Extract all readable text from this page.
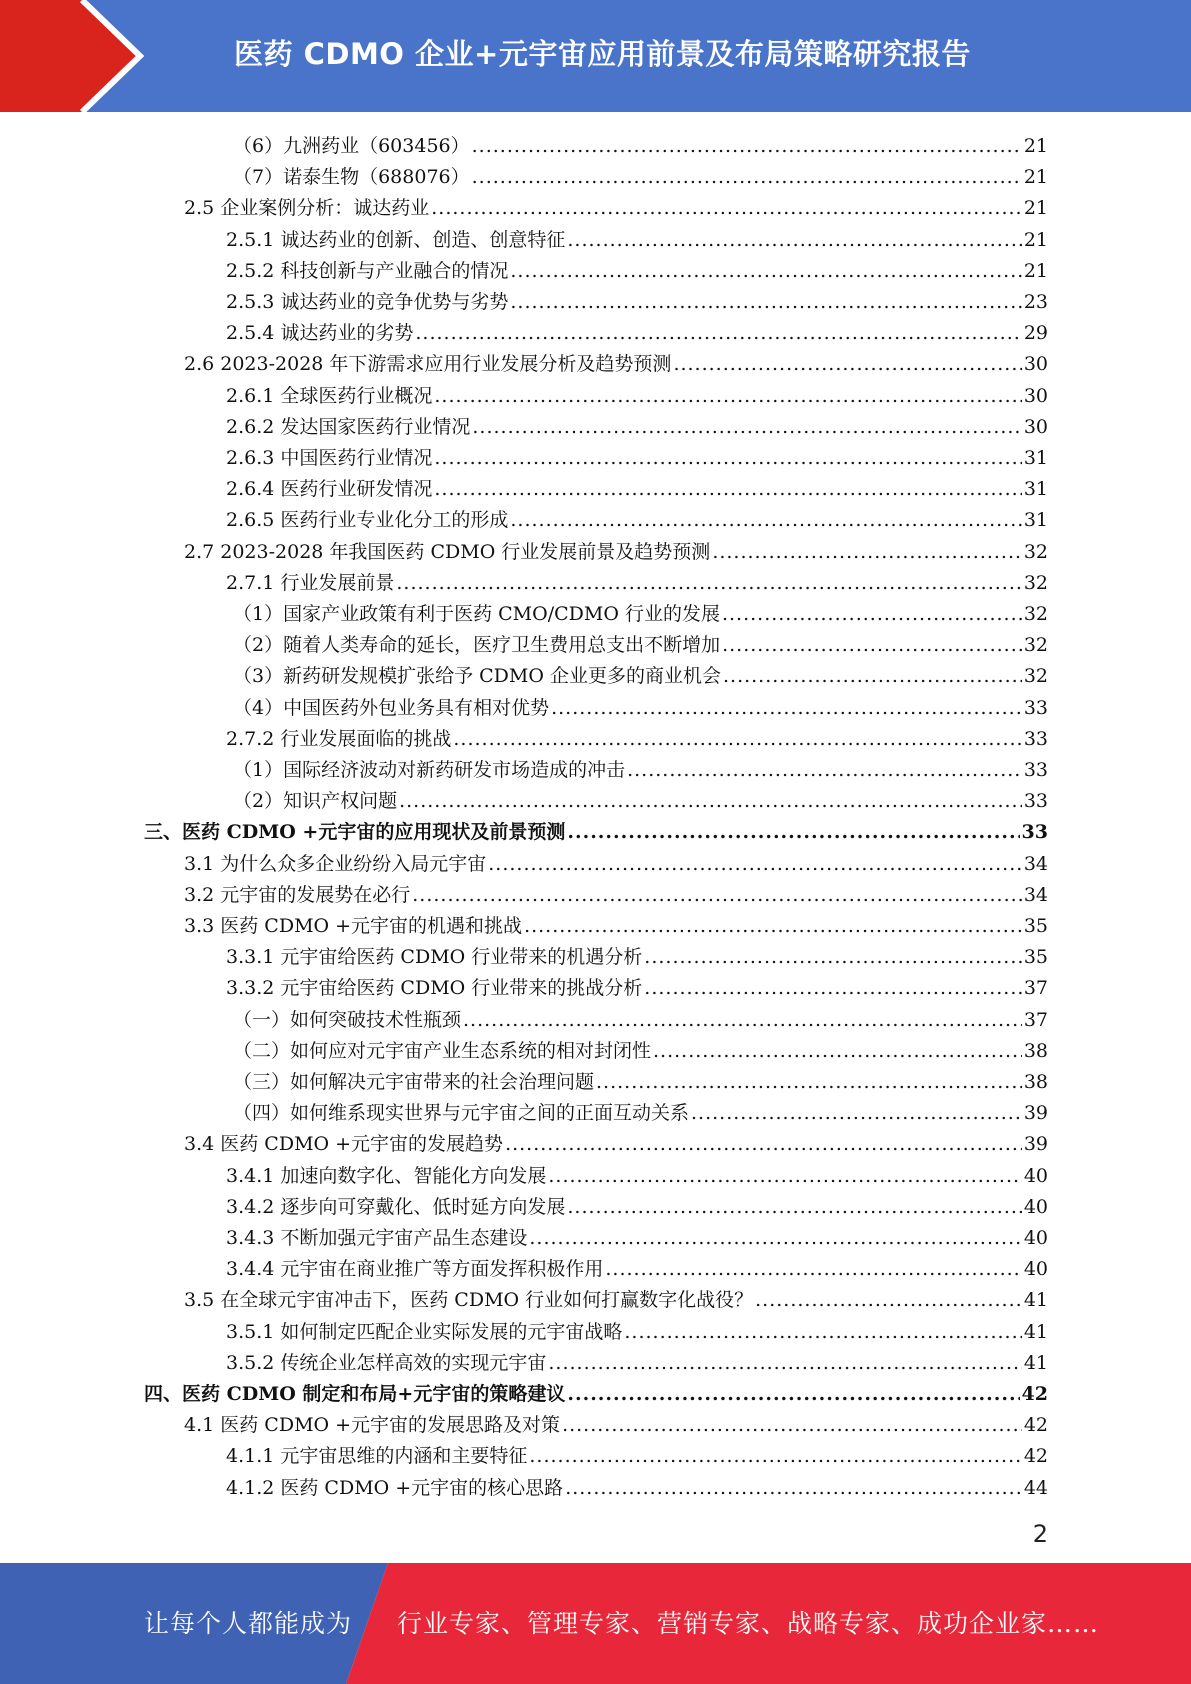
医药 CDMO 企业+元宇宙应用前景及布局策略研究报告
（6）九洲药业（603456） .....	21
（7）诺泰生物（688076） .....	21
2.5 企业案例分析：诚达药业 .....	21
2.5.1 诚达药业的创新、创造、创意特征 .....	21
2.5.2 科技创新与产业融合的情况 .....	21
2.5.3 诚达药业的竞争优势与劣势 .....	23
2.5.4 诚达药业的劣势 .....	29
2.6 2023-2028 年下游需求应用行业发展分析及趋势预测 .....	30
2.6.1 全球医药行业概况 .....	30
2.6.2 发达国家医药行业情况 .....	30
2.6.3 中国医药行业情况 .....	31
2.6.4 医药行业研发情况 .....	31
2.6.5 医药行业专业化分工的形成 .....	31
2.7 2023-2028 年我国医药 CDMO 行业发展前景及趋势预测 .....	32
2.7.1 行业发展前景 .....	32
（1）国家产业政策有利于医药 CMO/CDMO 行业的发展 .....	32
（2）随着人类寿命的延长，医疗卫生费用总支出不断增加 .....	32
（3）新药研发规模扩张给予 CDMO 企业更多的商业机会 .....	32
（4）中国医药外包业务具有相对优势 .....	33
2.7.2 行业发展面临的挑战 .....	33
（1）国际经济波动对新药研发市场造成的冲击 .....	33
（2）知识产权问题 .....	33
三、医药 CDMO +元宇宙的应用现状及前景预测 .....	33
3.1 为什么众多企业纷纷入局元宇宙 .....	34
3.2 元宇宙的发展势在必行 .....	34
3.3 医药 CDMO +元宇宙的机遇和挑战 .....	35
3.3.1 元宇宙给医药 CDMO 行业带来的机遇分析 .....	35
3.3.2 元宇宙给医药 CDMO 行业带来的挑战分析 .....	37
（一）如何突破技术性瓶颈 .....	37
（二）如何应对元宇宙产业生态系统的相对封闭性 .....	38
（三）如何解决元宇宙带来的社会治理问题 .....	38
（四）如何维系现实世界与元宇宙之间的正面互动关系 .....	39
3.4 医药 CDMO +元宇宙的发展趋势 .....	39
3.4.1 加速向数字化、智能化方向发展 .....	40
3.4.2 逐步向可穿戴化、低时延方向发展 .....	40
3.4.3 不断加强元宇宙产品生态建设 .....	40
3.4.4 元宇宙在商业推广等方面发挥积极作用 .....	40
3.5 在全球元宇宙冲击下，医药 CDMO 行业如何打赢数字化战役？ .....	41
3.5.1 如何制定匹配企业实际发展的元宇宙战略 .....	41
3.5.2 传统企业怎样高效的实现元宇宙 .....	41
四、医药 CDMO 制定和布局+元宇宙的策略建议 .....	42
4.1 医药 CDMO +元宇宙的发展思路及对策 .....	42
4.1.1 元宇宙思维的内涵和主要特征 .....	42
4.1.2 医药 CDMO +元宇宙的核心思路 .....	44
2
让每个人都能成为 行业专家、管理专家、营销专家、战略专家、成功企业家……
